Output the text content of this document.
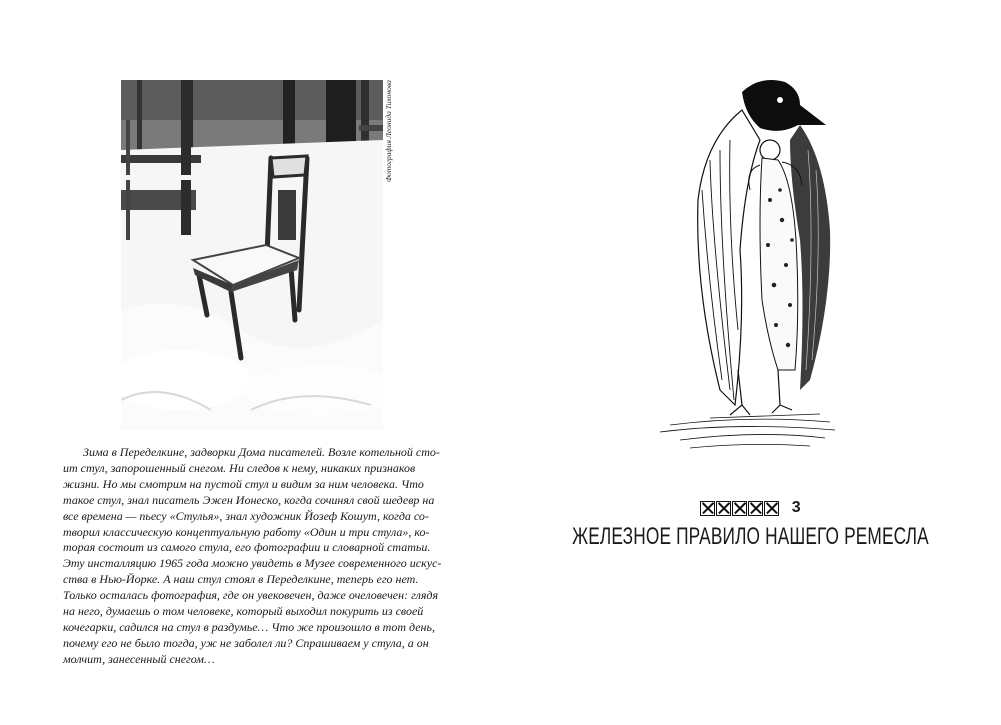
Фотография Леонида Тихонова

Зима в Переделкине, задворки Дома писателей. Возле котельной сто-
ит стул, запорошенный снегом. Ни следов к нему, никаких признаков
жизни. Но мы смотрим на пустой стул и видим за ним человека. Что
такое стул, знал писатель Эжен Ионеско, когда сочинял свой шедевр на
все времена — пьесу «Стулья», знал художник Йозеф Кошут, когда со-
творил классическую концептуальную работу «Один и три стула», ко-
торая состоит из самого стула, его фотографии и словарной статьи.
Эту инсталляцию 1965 года можно увидеть в Музее современного искус-
ства в Нью-Йорке. А наш стул стоял в Переделкине, теперь его нет.
Только осталась фотография, где он увековечен, даже очеловечен: глядя
на него, думаешь о том человеке, который выходил покурить из своей
кочегарки, садился на стул в раздумье… Что же произошло в тот день,
почему его не было тогда, уж не заболел ли? Спрашиваем у стула, а он
молчит, занесенный снегом…

3
ЖЕЛЕЗНОЕ ПРАВИЛО НАШЕГО РЕМЕСЛА
